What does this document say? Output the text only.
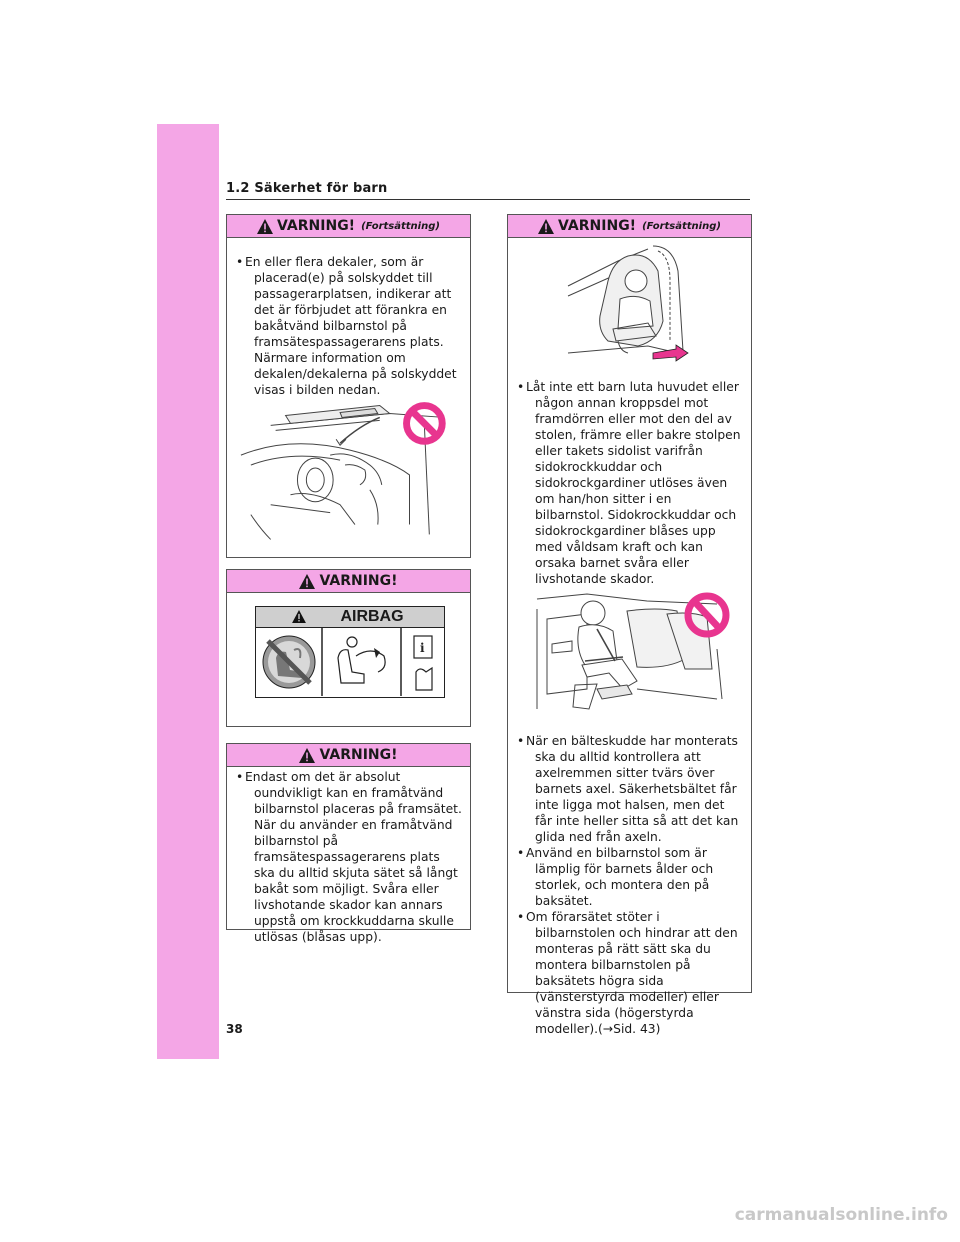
1.2 Säkerhet för barn
VARNING! (Fortsättning)
• En eller flera dekaler, som är placerad(e) på solskyddet till passagerarplatsen, indikerar att det är förbjudet att förankra en bakåtvänd bilbarnstol på framsätespassagerarens plats. Närmare information om dekalen/dekalerna på solskyddet visas i bilden nedan.
VARNING!
AIRBAG
i
VARNING!
• Endast om det är absolut oundvikligt kan en framåtvänd bilbarnstol placeras på framsätet. När du använder en framåtvänd bilbarnstol på framsätespassagerarens plats ska du alltid skjuta sätet så långt bakåt som möjligt. Svåra eller livshotande skador kan annars uppstå om krockkuddarna skulle utlösas (blåsas upp).
VARNING! (Fortsättning)
• Låt inte ett barn luta huvudet eller någon annan kroppsdel mot framdörren eller mot den del av stolen, främre eller bakre stolpen eller takets sidolist varifrån sidokrockkuddar och sidokrockgardiner utlöses även om han/hon sitter i en bilbarnstol. Sidokrockkuddar och sidokrockgardiner blåses upp med våldsam kraft och kan orsaka barnet svåra eller livshotande skador.
• När en bälteskudde har monterats ska du alltid kontrollera att axelremmen sitter tvärs över barnets axel. Säkerhetsbältet får inte ligga mot halsen, men det får inte heller sitta så att det kan glida ned från axeln.
• Använd en bilbarnstol som är lämplig för barnets ålder och storlek, och montera den på baksätet.
• Om förarsätet stöter i bilbarnstolen och hindrar att den monteras på rätt sätt ska du montera bilbarnstolen på baksätets högra sida (vänsterstyrda modeller) eller vänstra sida (högerstyrda modeller).(→Sid. 43)
38
carmanualsonline.info
